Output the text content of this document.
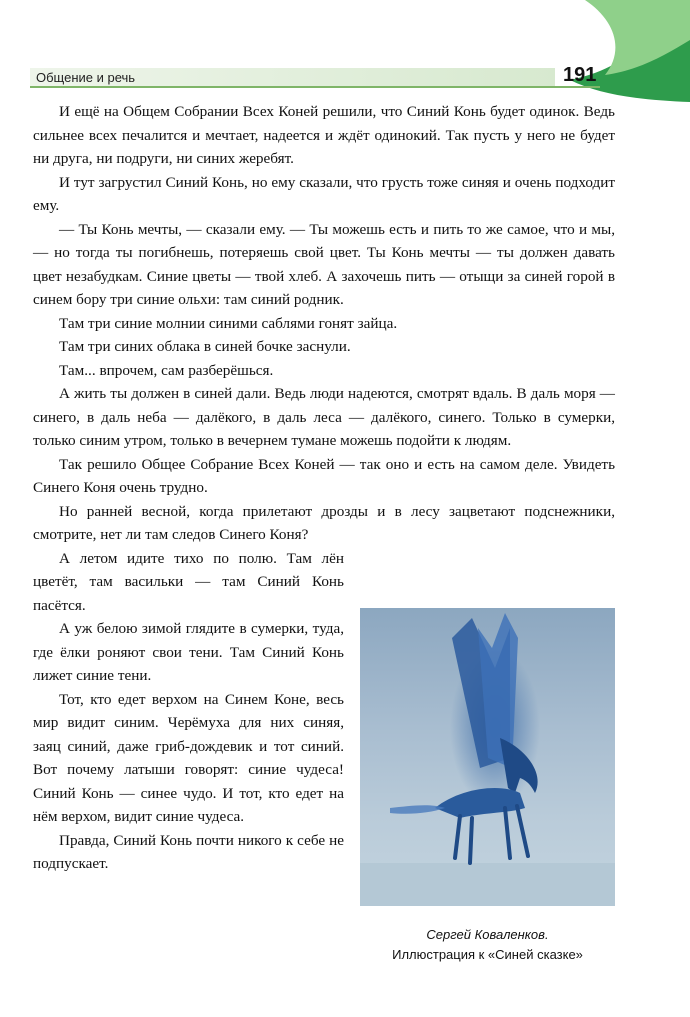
Общение и речь	191

И ещё на Общем Собрании Всех Коней решили, что Синий Конь будет одинок. Ведь сильнее всех печалится и мечтает, надеется и ждёт одинокий. Так пусть у него не будет ни друга, ни подруги, ни синих жеребят.

И тут загрустил Синий Конь, но ему сказали, что грусть тоже синяя и очень подходит ему.

— Ты Конь мечты, — сказали ему. — Ты можешь есть и пить то же самое, что и мы, — но тогда ты погибнешь, потеряешь свой цвет. Ты Конь мечты — ты должен давать цвет незабудкам. Синие цветы — твой хлеб. А захочешь пить — отыщи за синей горой в синем бору три синие ольхи: там синий родник.

Там три синие молнии синими саблями гонят зайца.

Там три синих облака в синей бочке заснули.

Там... впрочем, сам разберёшься.

А жить ты должен в синей дали. Ведь люди надеются, смотрят вдаль. В даль моря — синего, в даль неба — далёкого, в даль леса — далёкого, синего. Только в сумерки, только синим утром, только в вечернем тумане можешь подойти к людям.

Так решило Общее Собрание Всех Коней — так оно и есть на самом деле. Увидеть Синего Коня очень трудно.

Но ранней весной, когда прилетают дрозды и в лесу зацветают подснежники, смотрите, нет ли там следов Синего Коня?

А летом идите тихо по полю. Там лён цветёт, там васильки — там Синий Конь пасётся.

А уж белою зимой глядите в сумерки, туда, где ёлки роняют свои тени. Там Синий Конь лижет синие тени.

Тот, кто едет верхом на Синем Коне, весь мир видит синим. Черёмуха для них синяя, заяц синий, даже гриб-дождевик и тот синий. Вот почему латыши говорят: синие чудеса! Синий Конь — синее чудо. И тот, кто едет на нём верхом, видит синие чудеса.

Правда, Синий Конь почти никого к себе не подпускает.

Сергей Коваленков.
Иллюстрация к «Синей сказке»
